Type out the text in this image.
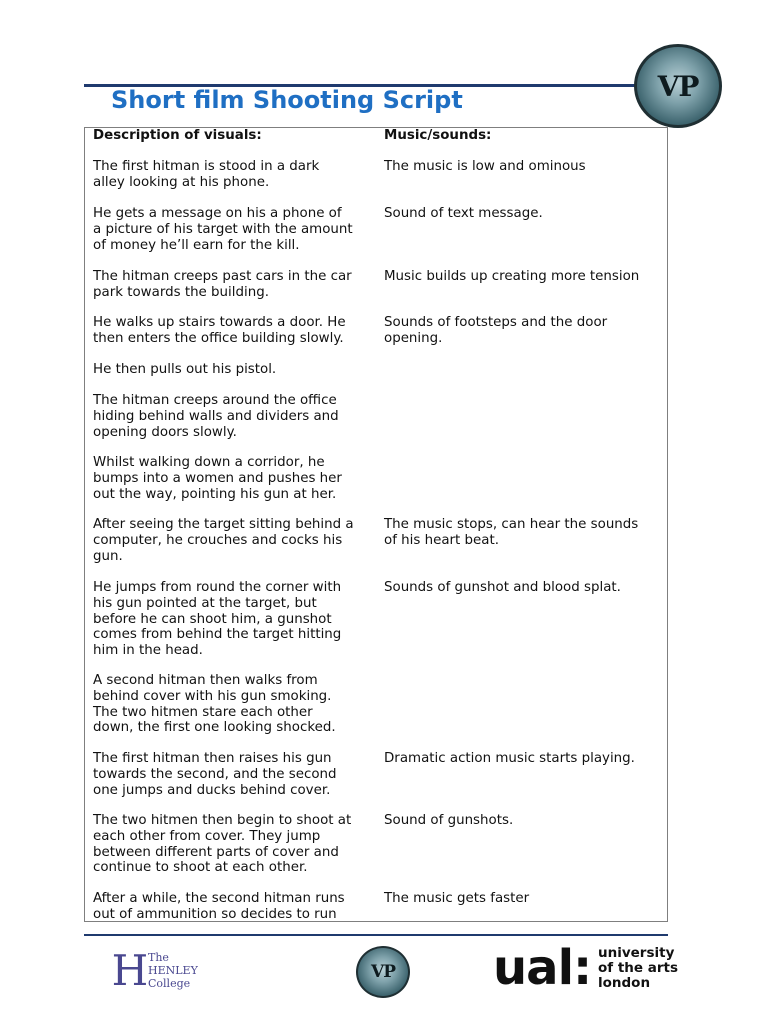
Short film Shooting Script	VP
Description of visuals:
The first hitman is stood in a dark
alley looking at his phone.
He gets a message on his a phone of
a picture of his target with the amount
of money he’ll earn for the kill.
The hitman creeps past cars in the car
park towards the building.
He walks up stairs towards a door. He
then enters the office building slowly.
He then pulls out his pistol.
The hitman creeps around the office
hiding behind walls and dividers and
opening doors slowly.
Whilst walking down a corridor, he
bumps into a women and pushes her
out the way, pointing his gun at her.
After seeing the target sitting behind a
computer, he crouches and cocks his
gun.
He jumps from round the corner with
his gun pointed at the target, but
before he can shoot him, a gunshot
comes from behind the target hitting
him in the head.
A second hitman then walks from
behind cover with his gun smoking.
The two hitmen stare each other
down, the first one looking shocked.
The first hitman then raises his gun
towards the second, and the second
one jumps and ducks behind cover.
The two hitmen then begin to shoot at
each other from cover. They jump
between different parts of cover and
continue to shoot at each other.
After a while, the second hitman runs
out of ammunition so decides to run
Music/sounds:
The music is low and ominous
Sound of text message.
Music builds up creating more tension
Sounds of footsteps and the door
opening.
The music stops, can hear the sounds
of his heart beat.
Sounds of gunshot and blood splat.
Dramatic action music starts playing.
Sound of gunshots.
The music gets faster
H The
HENLEY
College
VP ual: university
of the arts
london
